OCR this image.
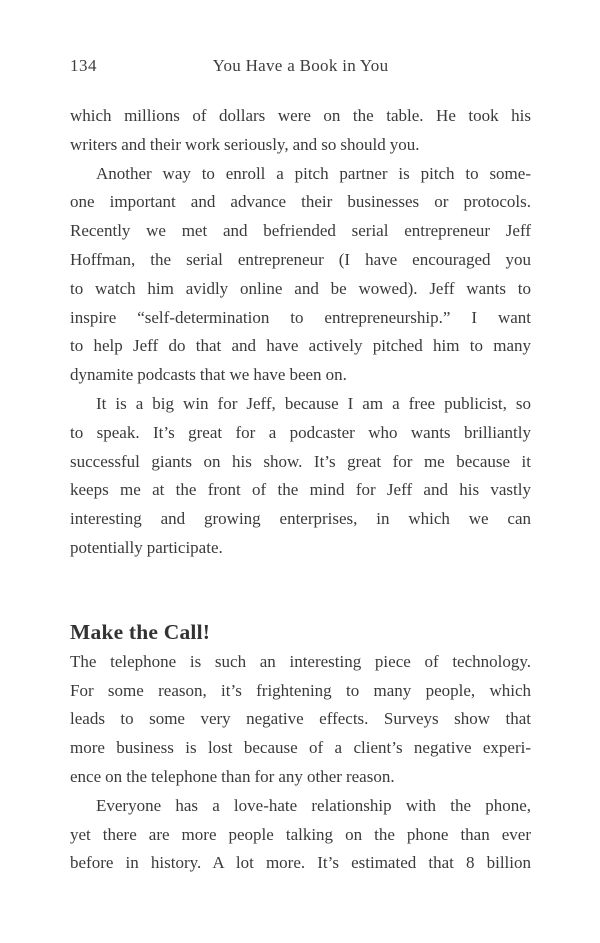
134	You Have a Book in You
which millions of dollars were on the table. He took his
writers and their work seriously, and so should you.
Another way to enroll a pitch partner is pitch to some-
one important and advance their businesses or protocols.
Recently we met and befriended serial entrepreneur Jeff
Hoffman, the serial entrepreneur (I have encouraged you
to watch him avidly online and be wowed). Jeff wants to
inspire “self-determination to entrepreneurship.” I want
to help Jeff do that and have actively pitched him to many
dynamite podcasts that we have been on.
It is a big win for Jeff, because I am a free publicist, so
to speak. It’s great for a podcaster who wants brilliantly
successful giants on his show. It’s great for me because it
keeps me at the front of the mind for Jeff and his vastly
interesting and growing enterprises, in which we can
potentially participate.
Make the Call!
The telephone is such an interesting piece of technology.
For some reason, it’s frightening to many people, which
leads to some very negative effects. Surveys show that
more business is lost because of a client’s negative experi-
ence on the telephone than for any other reason.
Everyone has a love-hate relationship with the phone,
yet there are more people talking on the phone than ever
before in history. A lot more. It’s estimated that 8 billion
